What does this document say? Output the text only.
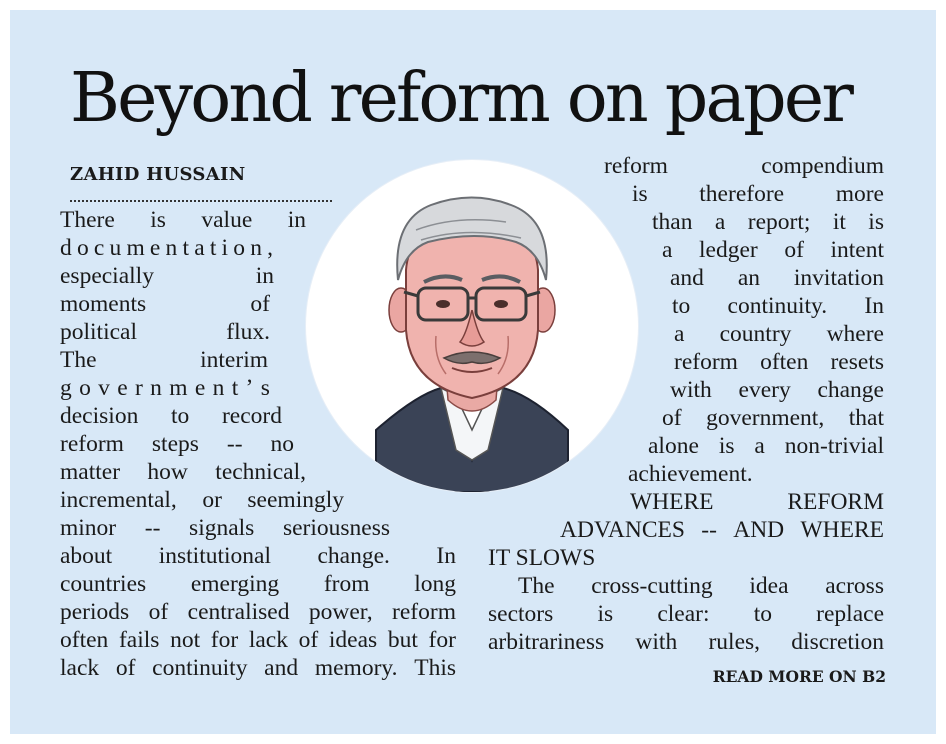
Beyond reform on paper
ZAHID HUSSAIN
There is value in
d o c u m e n t a t i o n ,
especially	in
moments	of
political	flux.
The	interim
g o v e r n m e n t ’ s
decision to record
reform steps -- no
matter how technical,
incremental, or seemingly
minor -- signals seriousness
about institutional change. In
countries emerging from long
periods of centralised power, reform
often fails not for lack of ideas but for
lack of continuity and memory. This
reform	compendium
is therefore more
than a report; it is
a ledger of intent
and an invitation
to continuity. In
a country where
reform often resets
with every change
of government, that
alone is a non-trivial
achievement.
WHERE	REFORM
ADVANCES -- AND WHERE
IT SLOWS
The cross-cutting idea across
sectors is clear: to replace
arbitrariness with rules, discretion
READ MORE ON B2
